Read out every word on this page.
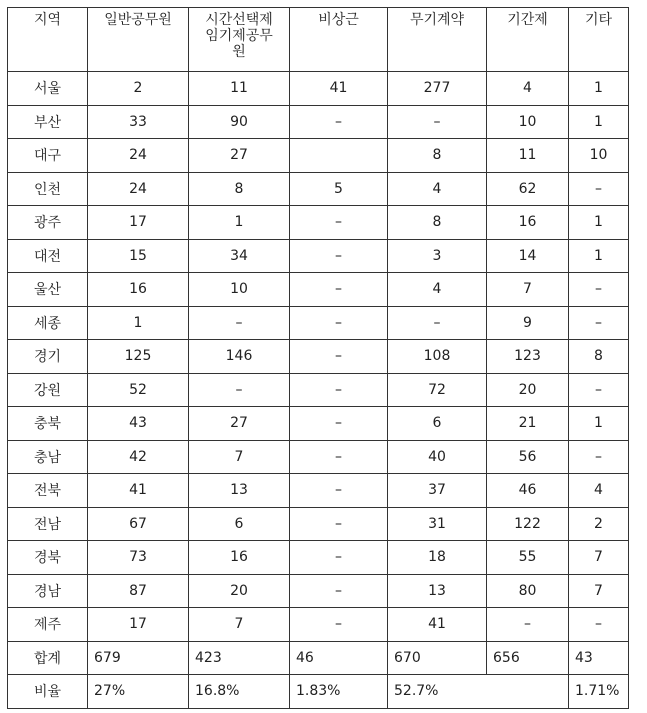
지역	일반공무원	시간선택제
임기제공무
원	비상근	무기계약	기간제	기타
서울	2	11	41	277	4	1
부산	33	90	–	–	10	1
대구	24	27		8	11	10
인천	24	8	5	4	62	–
광주	17	1	–	8	16	1
대전	15	34	–	3	14	1
울산	16	10	–	4	7	–
세종	1	–	–	–	9	–
경기	125	146	–	108	123	8
강원	52	–	–	72	20	–
충북	43	27	–	6	21	1
충남	42	7	–	40	56	–
전북	41	13	–	37	46	4
전남	67	6	–	31	122	2
경북	73	16	–	18	55	7
경남	87	20	–	13	80	7
제주	17	7	–	41	–	–
합계	679	423	46	670	656	43
비율	27%	16.8%	1.83%	52.7%		1.71%
